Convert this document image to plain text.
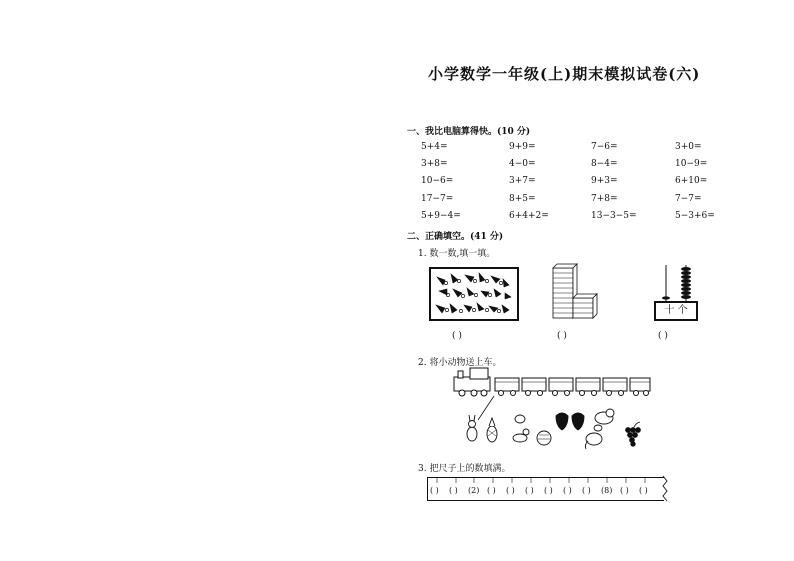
小学数学一年级(上)期末模拟试卷(六)
一、我比电脑算得快。(10 分)
5+4=	9+9=	7−6=	3+0=
3+8=	4−0=	8−4=	10−9=
10−6=	3+7=	9+3=	6+10=
17−7=	8+5=	7+8=	7−7=
5+9−4=	6+4+2=	13−3−5=	5−3+6=
二、正确填空。(41 分)
1. 数一数,填一填。
( )	( )
十 个
( )
2. 将小动物送上车。
3. 把尺子上的数填满。
( ) ( ) (2) ( ) ( ) ( ) ( ) ( ) ( ) (8) ( ) ( )
